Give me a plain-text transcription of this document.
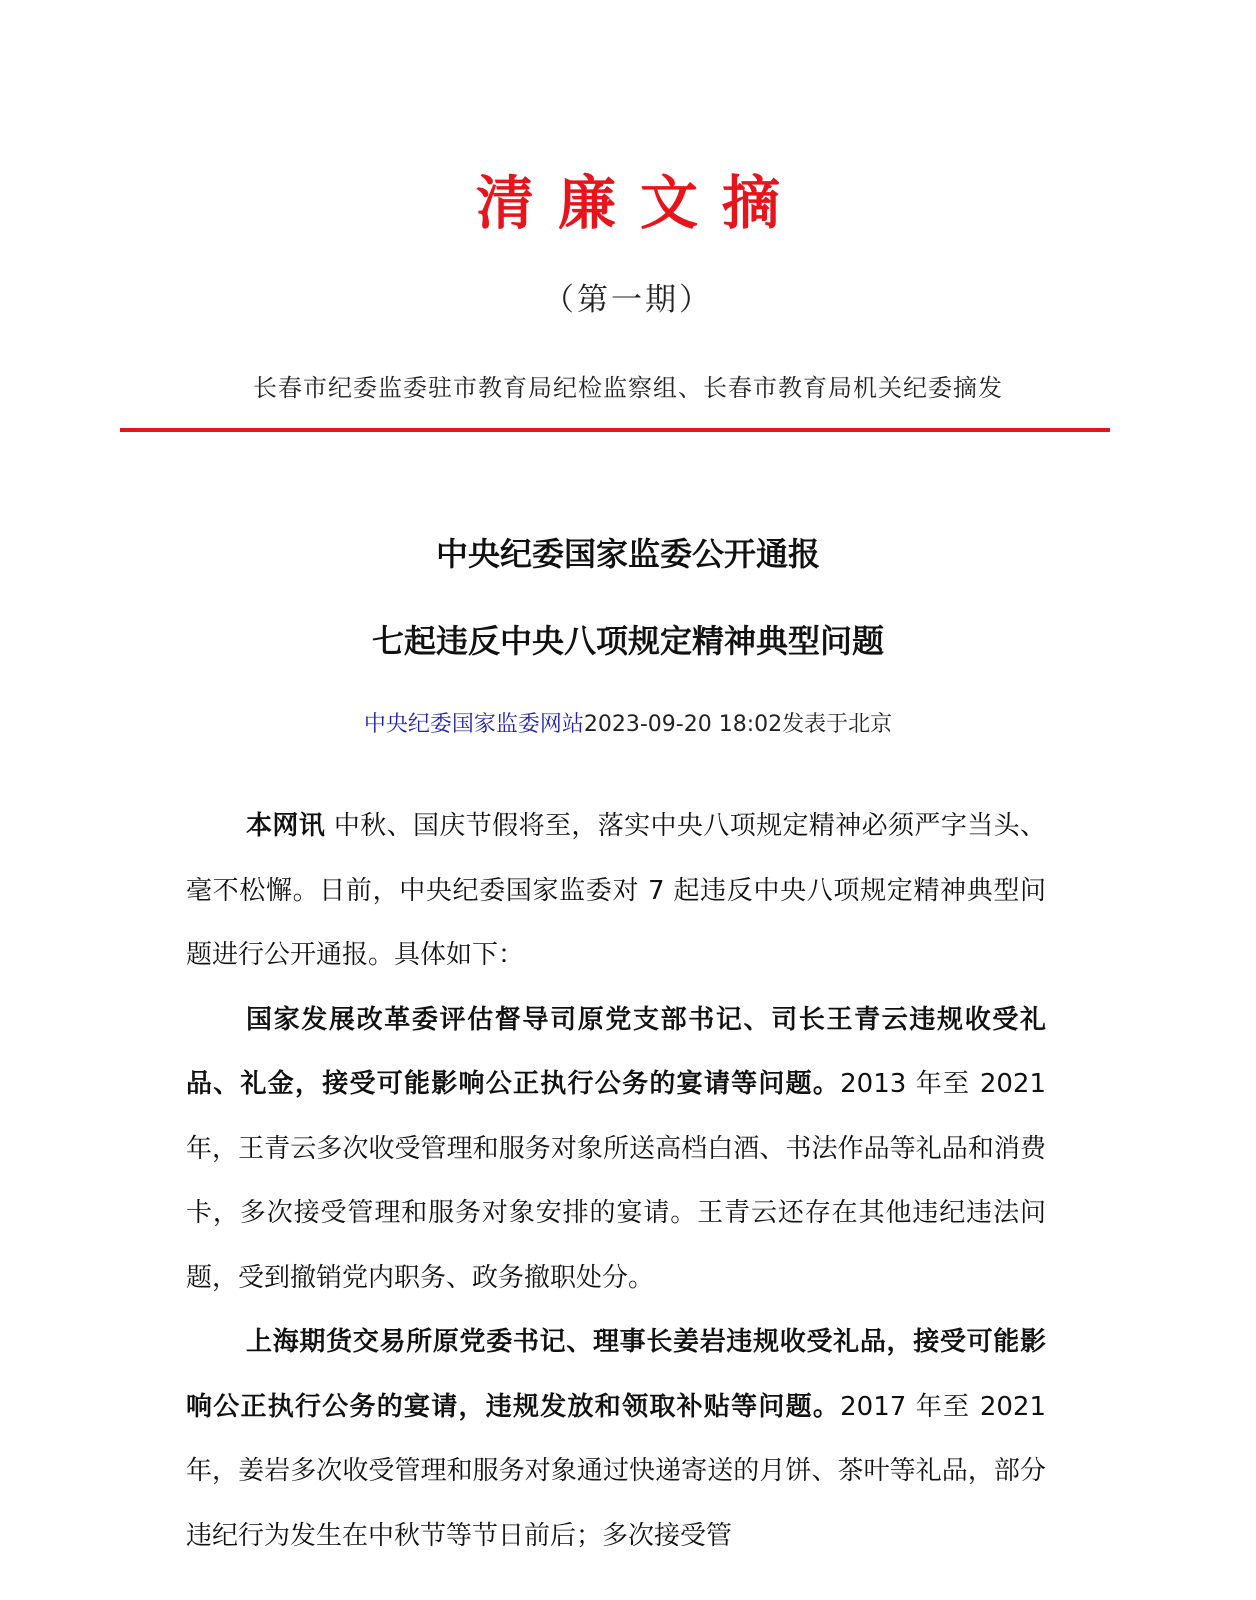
清廉文摘
（第一期）
长春市纪委监委驻市教育局纪检监察组、长春市教育局机关纪委摘发
中央纪委国家监委公开通报
七起违反中央八项规定精神典型问题
中央纪委国家监委网站2023-09-20 18:02发表于北京

本网讯 中秋、国庆节假将至，落实中央八项规定精神必须严字当头、毫不松懈。日前，中央纪委国家监委对 7 起违反中央八项规定精神典型问题进行公开通报。具体如下：

国家发展改革委评估督导司原党支部书记、司长王青云违规收受礼品、礼金，接受可能影响公正执行公务的宴请等问题。2013 年至 2021 年，王青云多次收受管理和服务对象所送高档白酒、书法作品等礼品和消费卡，多次接受管理和服务对象安排的宴请。王青云还存在其他违纪违法问题，受到撤销党内职务、政务撤职处分。

上海期货交易所原党委书记、理事长姜岩违规收受礼品，接受可能影响公正执行公务的宴请，违规发放和领取补贴等问题。2017 年至 2021 年，姜岩多次收受管理和服务对象通过快递寄送的月饼、茶叶等礼品，部分违纪行为发生在中秋节等节日前后；多次接受管
